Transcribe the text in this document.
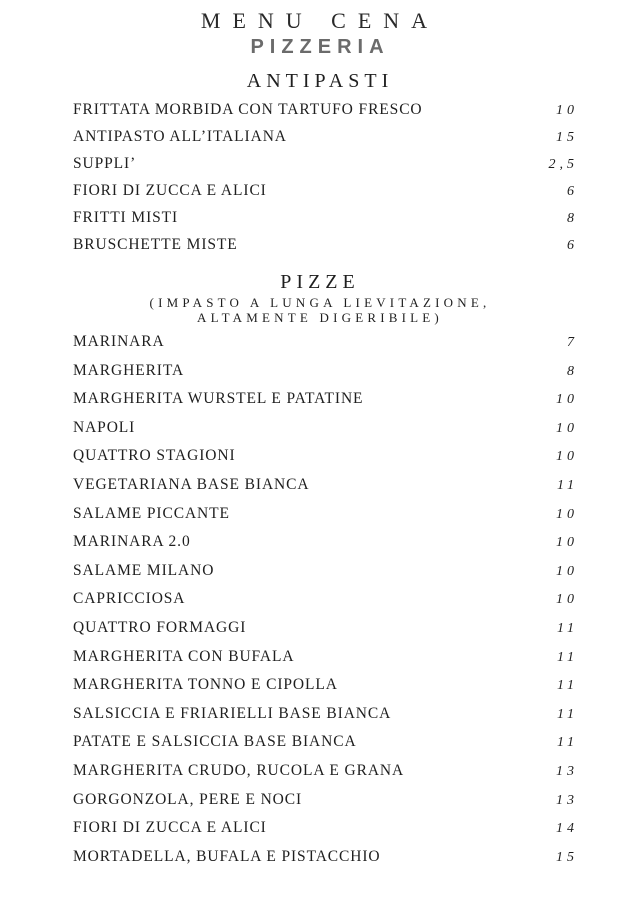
MENU CENA
PIZZERIA
ANTIPASTI
FRITTATA MORBIDA CON TARTUFO FRESCO	10
ANTIPASTO ALL’ITALIANA	15
SUPPLI’	2,5
FIORI DI ZUCCA E ALICI	6
FRITTI MISTI	8
BRUSCHETTE MISTE	6
PIZZE
(IMPASTO A LUNGA LIEVITAZIONE,
ALTAMENTE DIGERIBILE)
MARINARA	7
MARGHERITA	8
MARGHERITA WURSTEL E PATATINE	10
NAPOLI	10
QUATTRO STAGIONI	10
VEGETARIANA BASE BIANCA	11
SALAME PICCANTE	10
MARINARA 2.0	10
SALAME MILANO	10
CAPRICCIOSA	10
QUATTRO FORMAGGI	11
MARGHERITA CON BUFALA	11
MARGHERITA TONNO E CIPOLLA	11
SALSICCIA E FRIARIELLI BASE BIANCA	11
PATATE E SALSICCIA BASE BIANCA	11
MARGHERITA CRUDO, RUCOLA E GRANA	13
GORGONZOLA, PERE E NOCI	13
FIORI DI ZUCCA E ALICI	14
MORTADELLA, BUFALA E PISTACCHIO	15
